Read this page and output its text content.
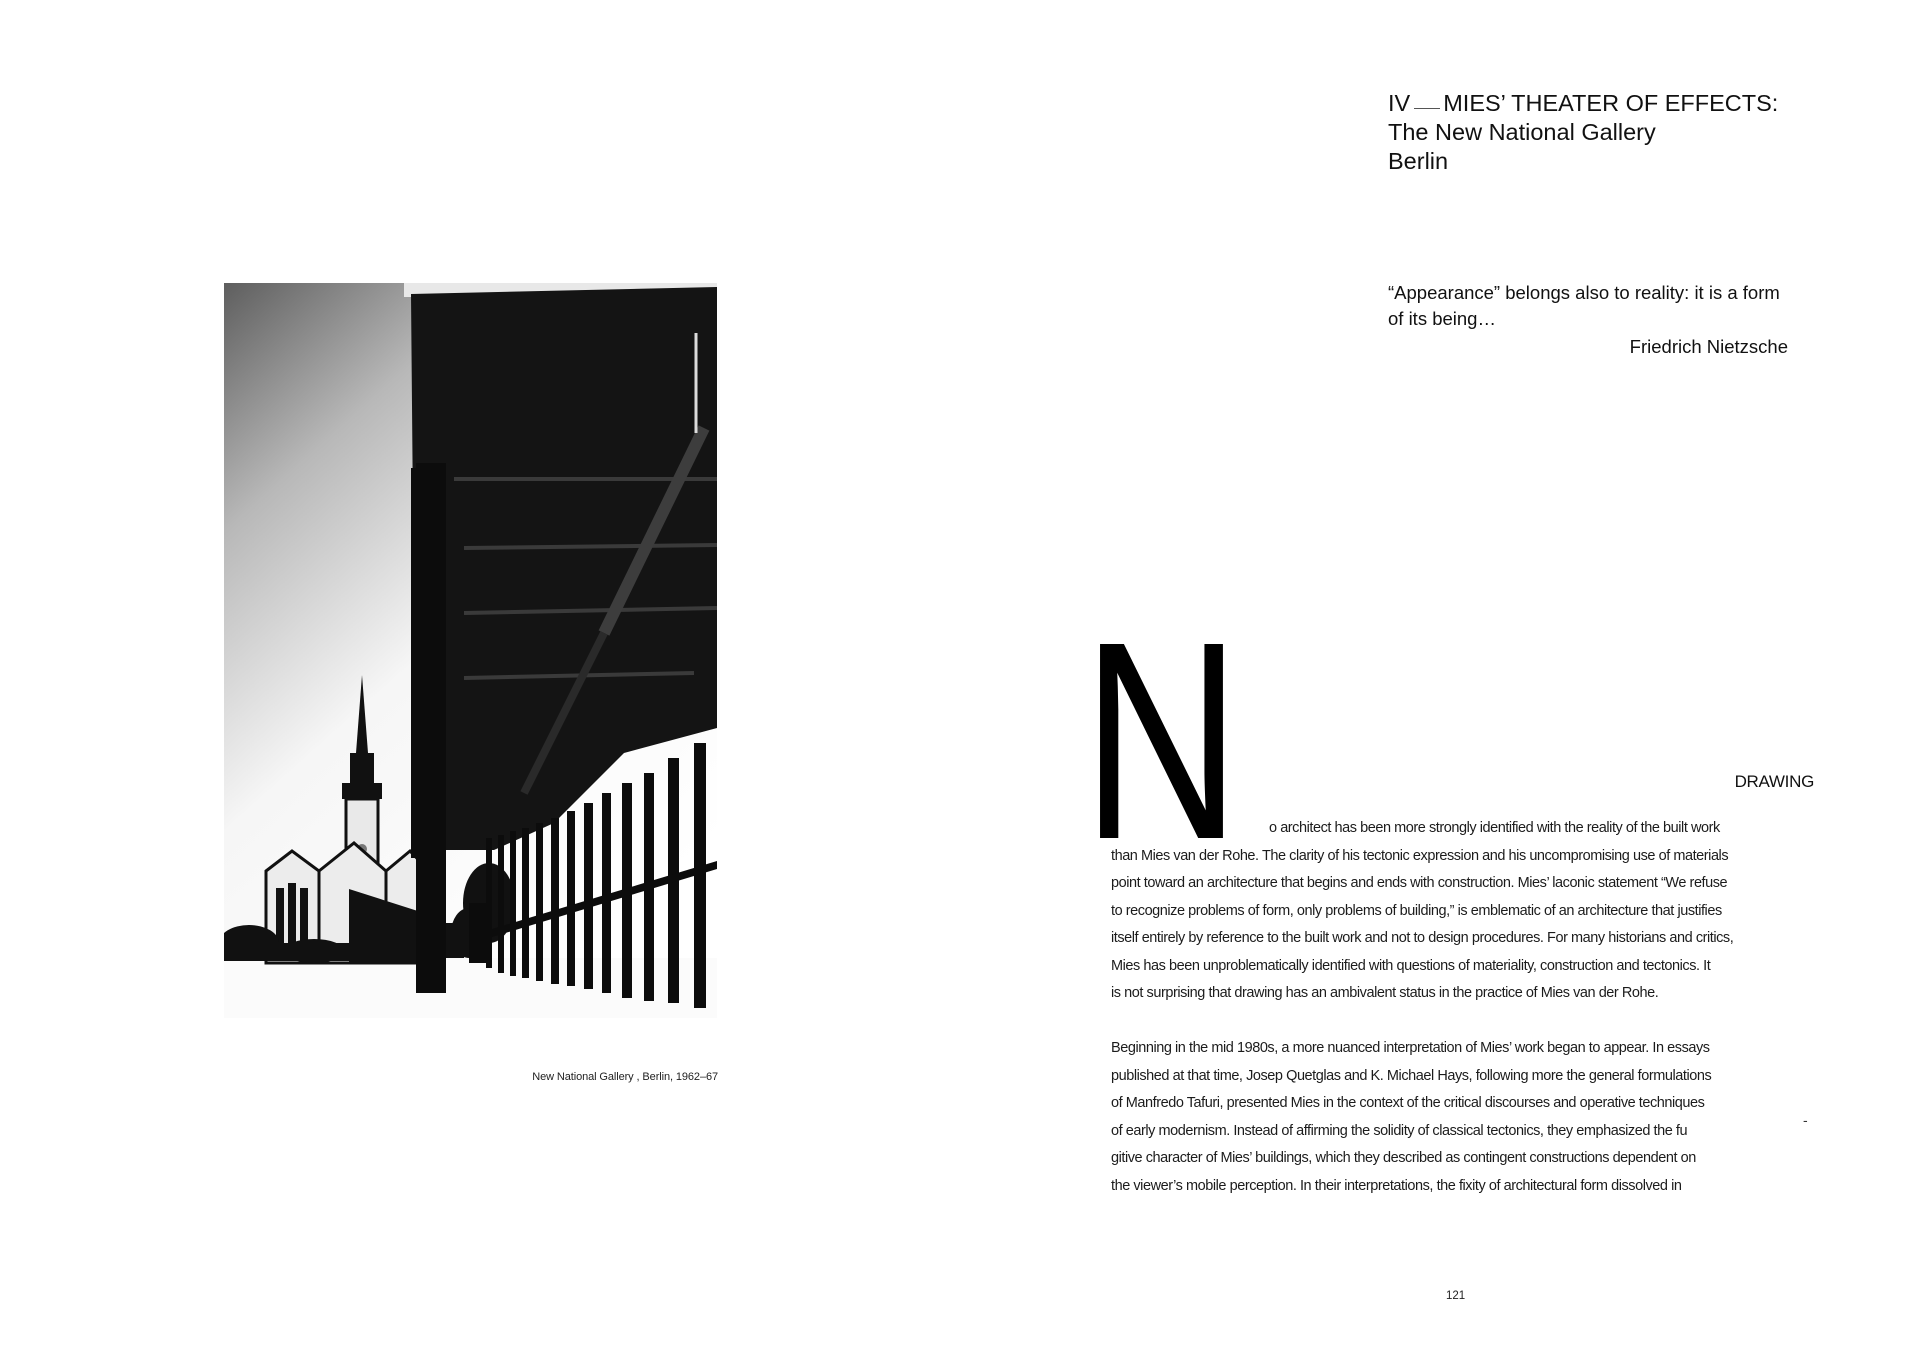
IV MIES’ THEATER OF EFFECTS:
The New National Gallery
Berlin
“Appearance” belongs also to reality: it is a form
of its being…
Friedrich Nietzsche
New National Gallery , Berlin, 1962–67
N	DRAWING
o architect has been more strongly identified with the reality of the built work
than Mies van der Rohe. The clarity of his tectonic expression and his uncompromising use of materials
point toward an architecture that begins and ends with construction. Mies’ laconic statement “We refuse
to recognize problems of form, only problems of building,” is emblematic of an architecture that justifies
itself entirely by reference to the built work and not to design procedures. For many historians and critics,
Mies has been unproblematically identified with questions of materiality, construction and tectonics. It
is not surprising that drawing has an ambivalent status in the practice of Mies van der Rohe.
Beginning in the mid 1980s, a more nuanced interpretation of Mies’ work began to appear. In essays
published at that time, Josep Quetglas and K. Michael Hays, following more the general formulations
of Manfredo Tafuri, presented Mies in the context of the critical discourses and operative techniques
of early modernism. Instead of affirming the solidity of classical tectonics, they emphasized the fu
gitive character of Mies’ buildings, which they described as contingent constructions dependent on
the viewer’s mobile perception. In their interpretations, the fixity of architectural form dissolved in
-
121
